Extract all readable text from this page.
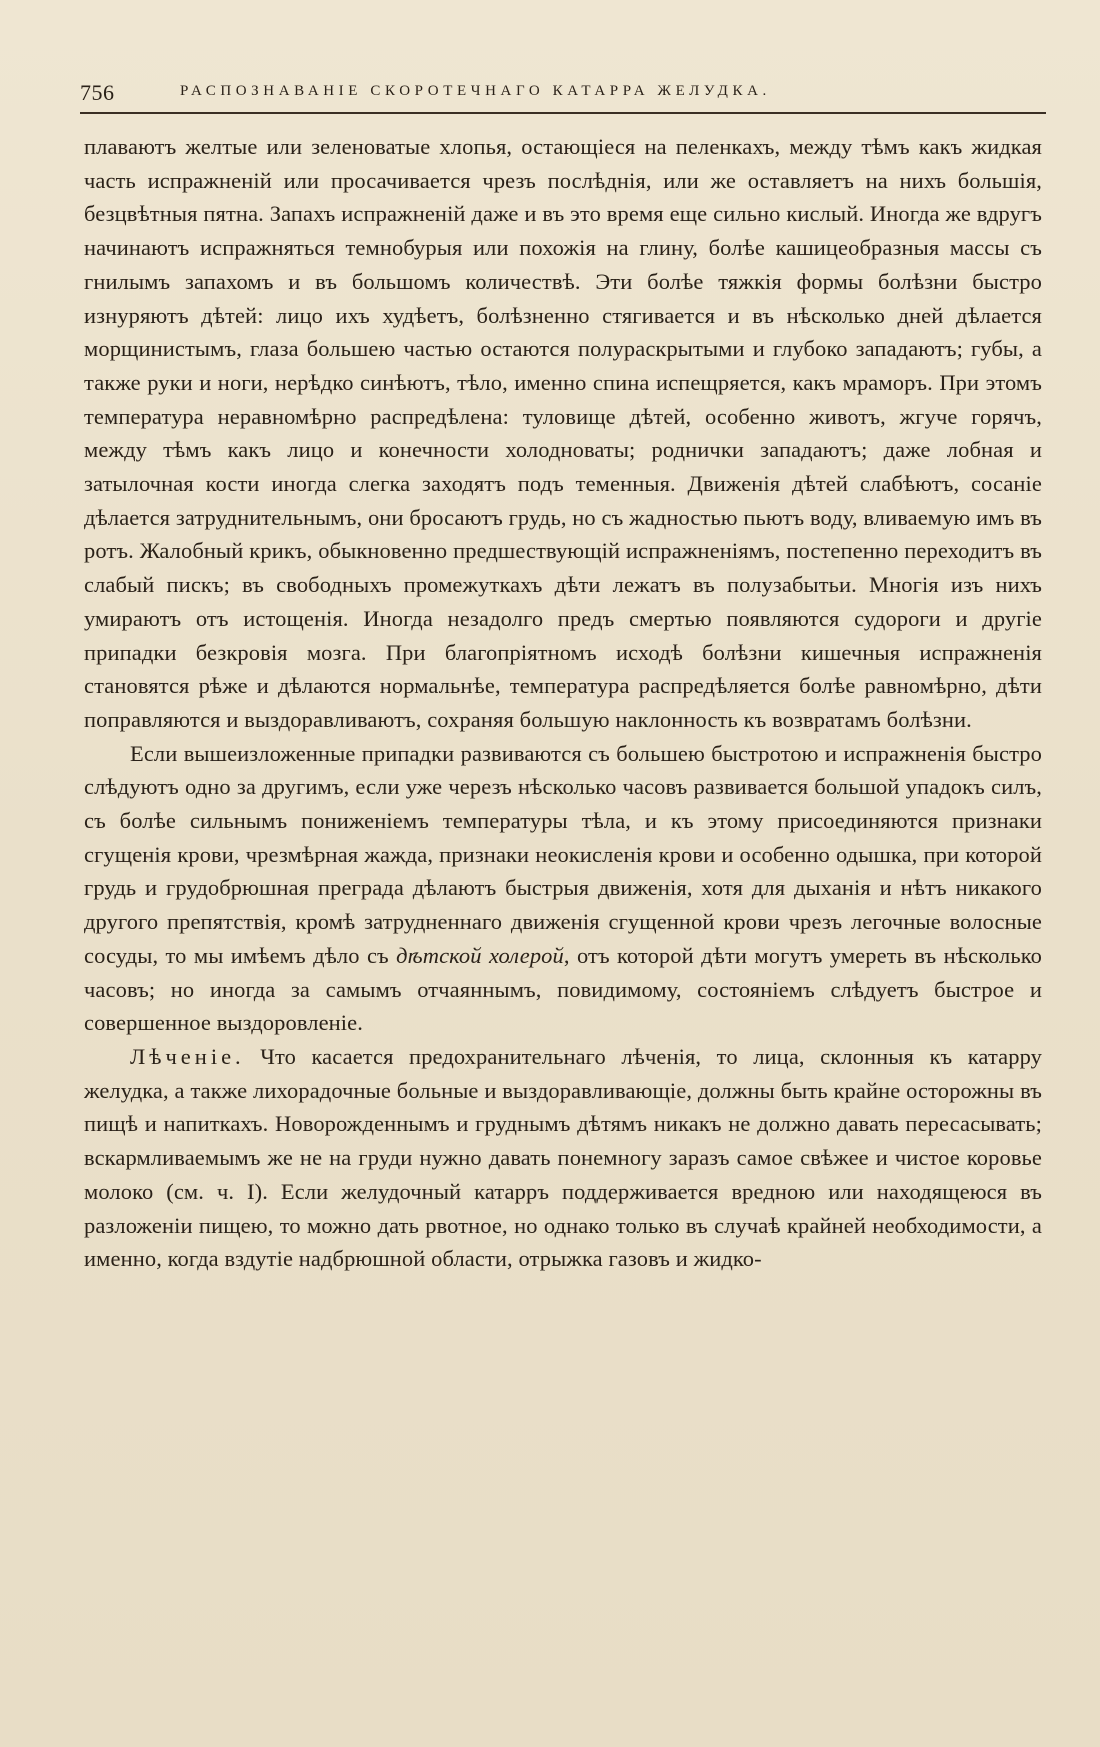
756	РАСПОЗНАВАНІЕ СКОРОТЕЧНАГО КАТАРРА ЖЕЛУДКА.

плаваютъ желтые или зеленоватые хлопья, остающіеся на пеленкахъ, между тѣмъ какъ жидкая часть испражненій или просачивается чрезъ послѣднія, или же оставляетъ на нихъ большія, безцвѣтныя пятна. Запахъ испражненій даже и въ это время еще сильно кислый. Иногда же вдругъ начинаютъ испражняться темнобурыя или похожія на глину, болѣе кашицеобразныя массы съ гнилымъ запахомъ и въ большомъ количествѣ. Эти болѣе тяжкія формы болѣзни быстро изнуряютъ дѣтей: лицо ихъ худѣетъ, болѣзненно стягивается и въ нѣсколько дней дѣлается морщинистымъ, глаза большею частью остаются полураскрытыми и глубоко западаютъ; губы, а также руки и ноги, нерѣдко синѣютъ, тѣло, именно спина испещряется, какъ мраморъ. При этомъ температура неравномѣрно распредѣлена: туловище дѣтей, особенно животъ, жгуче горячъ, между тѣмъ какъ лицо и конечности холодноваты; роднички западаютъ; даже лобная и затылочная кости иногда слегка заходятъ подъ теменныя. Движенія дѣтей слабѣютъ, сосаніе дѣлается затруднительнымъ, они бросаютъ грудь, но съ жадностью пьютъ воду, вливаемую имъ въ ротъ. Жалобный крикъ, обыкновенно предшествующій испражненіямъ, постепенно переходитъ въ слабый пискъ; въ свободныхъ промежуткахъ дѣти лежатъ въ полузабытьи. Многія изъ нихъ умираютъ отъ истощенія. Иногда незадолго предъ смертью появляются судороги и другіе припадки безкровія мозга. При благопріятномъ исходѣ болѣзни кишечныя испражненія становятся рѣже и дѣлаются нормальнѣе, температура распредѣляется болѣе равномѣрно, дѣти поправляются и выздоравливаютъ, сохраняя большую наклонность къ возвратамъ болѣзни.

Если вышеизложенные припадки развиваются съ большею быстротою и испражненія быстро слѣдуютъ одно за другимъ, если уже черезъ нѣсколько часовъ развивается большой упадокъ силъ, съ болѣе сильнымъ пониженіемъ температуры тѣла, и къ этому присоединяются признаки сгущенія крови, чрезмѣрная жажда, признаки неокисленія крови и особенно одышка, при которой грудь и грудобрюшная преграда дѣлаютъ быстрыя движенія, хотя для дыханія и нѣтъ никакого другого препятствія, кромѣ затрудненнаго движенія сгущенной крови чрезъ легочные волосные сосуды, то мы имѣемъ дѣло съ дѣтской холерой, отъ которой дѣти могутъ умереть въ нѣсколько часовъ; но иногда за самымъ отчаяннымъ, повидимому, состояніемъ слѣдуетъ быстрое и совершенное выздоровленіе.

Лѣченіе. Что касается предохранительнаго лѣченія, то лица, склонныя къ катарру желудка, а также лихорадочные больные и выздоравливающіе, должны быть крайне осторожны въ пищѣ и напиткахъ. Новорожденнымъ и груднымъ дѣтямъ никакъ не должно давать пересасывать; вскармливаемымъ же не на груди нужно давать понемногу заразъ самое свѣжее и чистое коровье молоко (см. ч. I). Если желудочный катарръ поддерживается вредною или находящеюся въ разложеніи пищею, то можно дать рвотное, но однако только въ случаѣ крайней необходимости, а именно, когда вздутіе надбрюшной области, отрыжка газовъ и жидко-
